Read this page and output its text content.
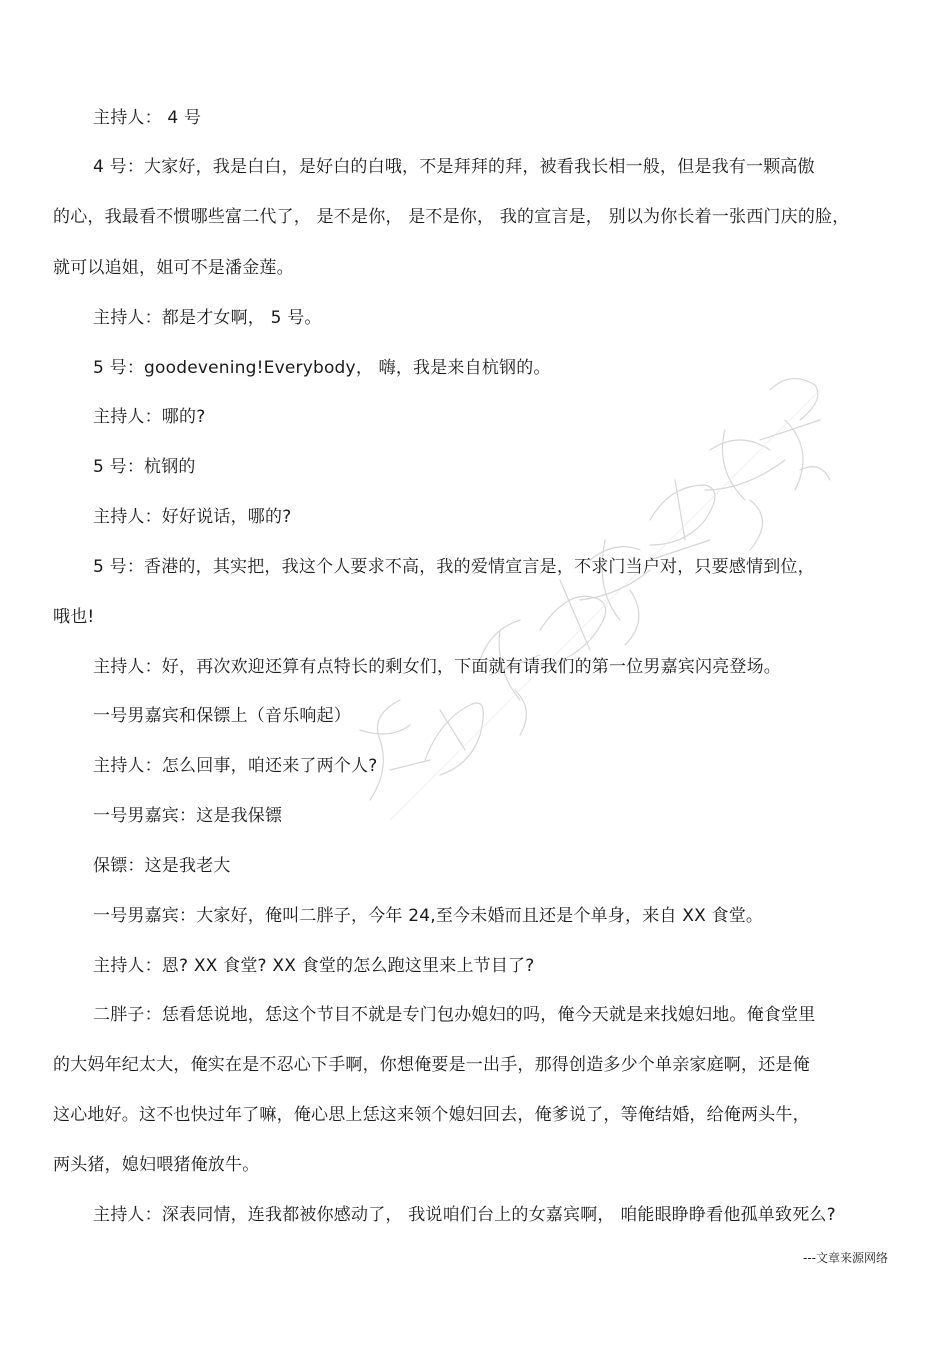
主持人： 4 号
4 号：大家好，我是白白，是好白的白哦，不是拜拜的拜，被看我长相一般，但是我有一颗高傲
的心，我最看不惯哪些富二代了， 是不是你， 是不是你， 我的宣言是， 别以为你长着一张西门庆的脸，
就可以追姐，姐可不是潘金莲。
主持人：都是才女啊， 5 号。
5 号：goodevening!Everybody， 嗨，我是来自杭钢的。
主持人：哪的?
5 号：杭钢的
主持人：好好说话，哪的?
5 号：香港的，其实把，我这个人要求不高，我的爱情宣言是，不求门当户对，只要感情到位，
哦也!
主持人：好，再次欢迎还算有点特长的剩女们，下面就有请我们的第一位男嘉宾闪亮登场。
一号男嘉宾和保镖上（音乐响起）
主持人：怎么回事，咱还来了两个人?
一号男嘉宾：这是我保镖
保镖：这是我老大
一号男嘉宾：大家好，俺叫二胖子，今年 24,至今未婚而且还是个单身，来自 XX 食堂。
主持人：恩? XX 食堂? XX 食堂的怎么跑这里来上节目了?
二胖子：恁看恁说地，恁这个节目不就是专门包办媳妇的吗，俺今天就是来找媳妇地。俺食堂里
的大妈年纪太大，俺实在是不忍心下手啊，你想俺要是一出手，那得创造多少个单亲家庭啊，还是俺
这心地好。这不也快过年了嘛，俺心思上恁这来领个媳妇回去，俺爹说了，等俺结婚，给俺两头牛，
两头猪，媳妇喂猪俺放牛。
主持人：深表同情，连我都被你感动了， 我说咱们台上的女嘉宾啊， 咱能眼睁睁看他孤单致死么?
---文章来源网络
